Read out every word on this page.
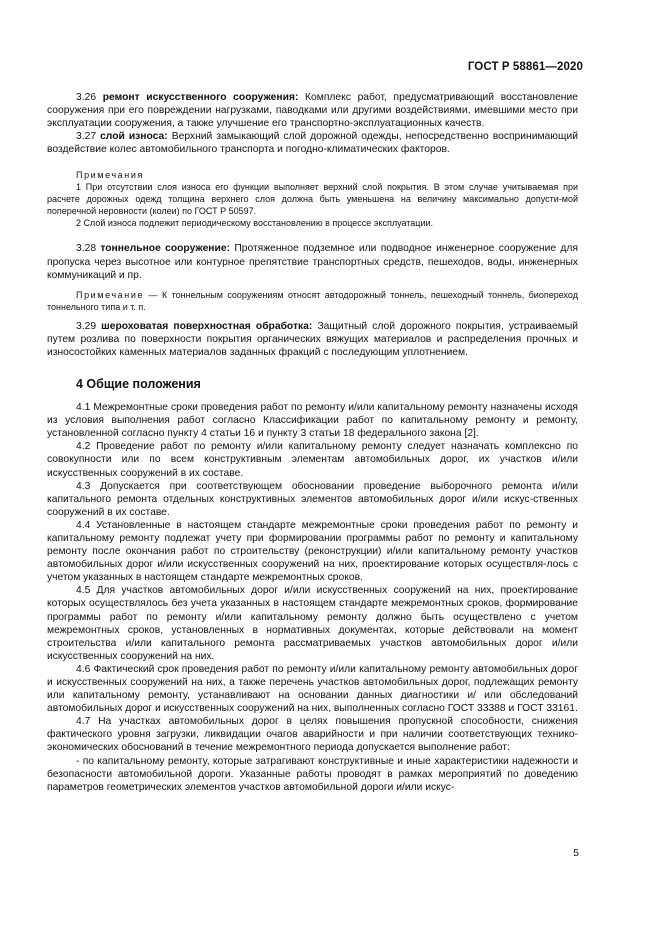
ГОСТ Р 58861—2020

3.26 ремонт искусственного сооружения: Комплекс работ, предусматривающий восстановление сооружения при его повреждении нагрузками, паводками или другими воздействиями, имевшими место при эксплуатации сооружения, а также улучшение его транспортно-эксплуатационных качеств.

3.27 слой износа: Верхний замыкающий слой дорожной одежды, непосредственно воспринимающий воздействие колес автомобильного транспорта и погодно-климатических факторов.

Примечания

1 При отсутствии слоя износа его функции выполняет верхний слой покрытия. В этом случае учитываемая при расчете дорожных одежд толщина верхнего слоя должна быть уменьшена на величину максимально допусти-мой поперечной неровности (колеи) по ГОСТ Р 50597.

2 Слой износа подлежит периодическому восстановлению в процессе эксплуатации.

3.28 тоннельное сооружение: Протяженное подземное или подводное инженерное сооружение для пропуска через высотное или контурное препятствие транспортных средств, пешеходов, воды, инженерных коммуникаций и пр.

Примечание — К тоннельным сооружениям относят автодорожный тоннель, пешеходный тоннель, биопереход тоннельного типа и т. п.

3.29 шероховатая поверхностная обработка: Защитный слой дорожного покрытия, устраиваемый путем розлива по поверхности покрытия органических вяжущих материалов и распределения прочных и износостойких каменных материалов заданных фракций с последующим уплотнением.

4 Общие положения

4.1 Межремонтные сроки проведения работ по ремонту и/или капитальному ремонту назначены исходя из условия выполнения работ согласно Классификации работ по капитальному ремонту и ремонту, установленной согласно пункту 4 статьи 16 и пункту 3 статьи 18 федерального закона [2].

4.2 Проведение работ по ремонту и/или капитальному ремонту следует назначать комплексно по совокупности или по всем конструктивным элементам автомобильных дорог, их участков и/или искусственных сооружений в их составе.

4.3 Допускается при соответствующем обосновании проведение выборочного ремонта и/или капитального ремонта отдельных конструктивных элементов автомобильных дорог и/или искус-ственных сооружений в их составе.

4.4 Установленные в настоящем стандарте межремонтные сроки проведения работ по ремонту и капитальному ремонту подлежат учету при формировании программы работ по ремонту и капитальному ремонту после окончания работ по строительству (реконструкции) и/или капитальному ремонту участков автомобильных дорог и/или искусственных сооружений на них, проектирование которых осуществля-лось с учетом указанных в настоящем стандарте межремонтных сроков.

4.5 Для участков автомобильных дорог и/или искусственных сооружений на них, проектирование которых осуществлялось без учета указанных в настоящем стандарте межремонтных сроков, формирование программы работ по ремонту и/или капитальному ремонту должно быть осуществлено с учетом межремонтных сроков, установленных в нормативных документах, которые действовали на момент строительства и/или капитального ремонта рассматриваемых участков автомобильных дорог и/или искусственных сооружений на них.

4.6 Фактический срок проведения работ по ремонту и/или капитальному ремонту автомобильных дорог и искусственных сооружений на них, а также перечень участков автомобильных дорог, подлежащих ремонту или капитальному ремонту, устанавливают на основании данных диагностики и/ или обследований автомобильных дорог и искусственных сооружений на них, выполненных согласно ГОСТ 33388 и ГОСТ 33161.

4.7 На участках автомобильных дорог в целях повышения пропускной способности, снижения фактического уровня загрузки, ликвидации очагов аварийности и при наличии соответствующих технико-экономических обоснований в течение межремонтного периода допускается выполнение работ:

- по капитальному ремонту, которые затрагивают конструктивные и иные характеристики надежности и безопасности автомобильной дороги. Указанные работы проводят в рамках мероприятий по доведению параметров геометрических элементов участков автомобильной дороги и/или искус-

5
